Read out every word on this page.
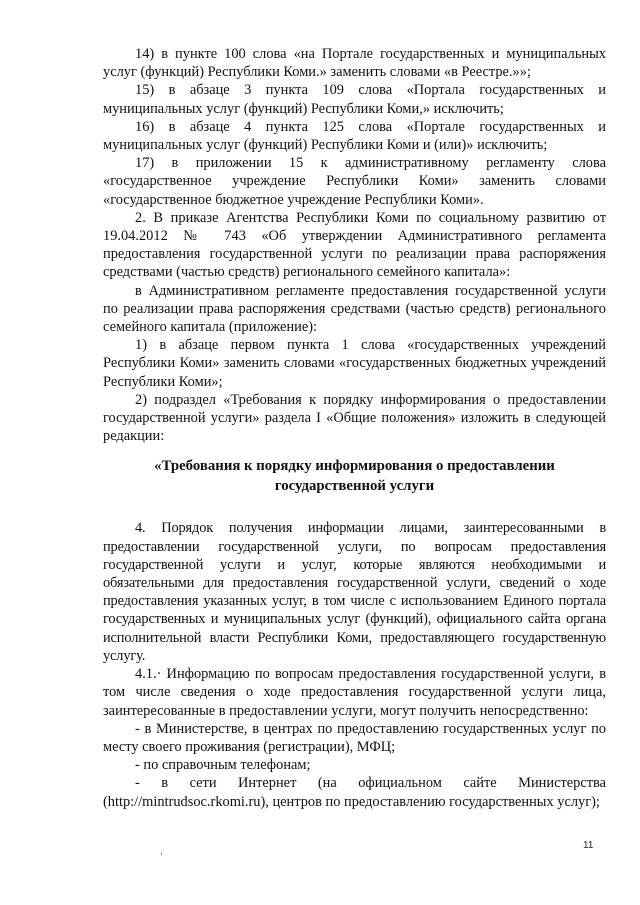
14) в пункте 100 слова «на Портале государственных и муниципальных услуг (функций) Республики Коми.» заменить словами «в Реестре.»»;

15) в абзаце 3 пункта 109 слова «Портала государственных и муниципальных услуг (функций) Республики Коми,» исключить;

16) в абзаце 4 пункта 125 слова «Портале государственных и муниципальных услуг (функций) Республики Коми и (или)» исключить;

17) в приложении 15 к административному регламенту слова «государственное учреждение Республики Коми» заменить словами «государственное бюджетное учреждение Республики Коми».

2. В приказе Агентства Республики Коми по социальному развитию от 19.04.2012 № 743 «Об утверждении Административного регламента предоставления государственной услуги по реализации права распоряжения средствами (частью средств) регионального семейного капитала»:

в Административном регламенте предоставления государственной услуги по реализации права распоряжения средствами (частью средств) регионального семейного капитала (приложение):

1) в абзаце первом пункта 1 слова «государственных учреждений Республики Коми» заменить словами «государственных бюджетных учреждений Республики Коми»;

2) подраздел «Требования к порядку информирования о предоставлении государственной услуги» раздела I «Общие положения» изложить в следующей редакции:

«Требования к порядку информирования о предоставлении государственной услуги

4. Порядок получения информации лицами, заинтересованными в предоставлении государственной услуги, по вопросам предоставления государственной услуги и услуг, которые являются необходимыми и обязательными для предоставления государственной услуги, сведений о ходе предоставления указанных услуг, в том числе с использованием Единого портала государственных и муниципальных услуг (функций), официального сайта органа исполнительной власти Республики Коми, предоставляющего государственную услугу.

4.1.· Информацию по вопросам предоставления государственной услуги, в том числе сведения о ходе предоставления государственной услуги лица, заинтересованные в предоставлении услуги, могут получить непосредственно:

- в Министерстве, в центрах по предоставлению государственных услуг по месту своего проживания (регистрации), МФЦ;

- по справочным телефонам;

- в сети Интернет (на официальном сайте Министерства (http://mintrudsoc.rkomi.ru), центров по предоставлению государственных услуг);

11
‘
